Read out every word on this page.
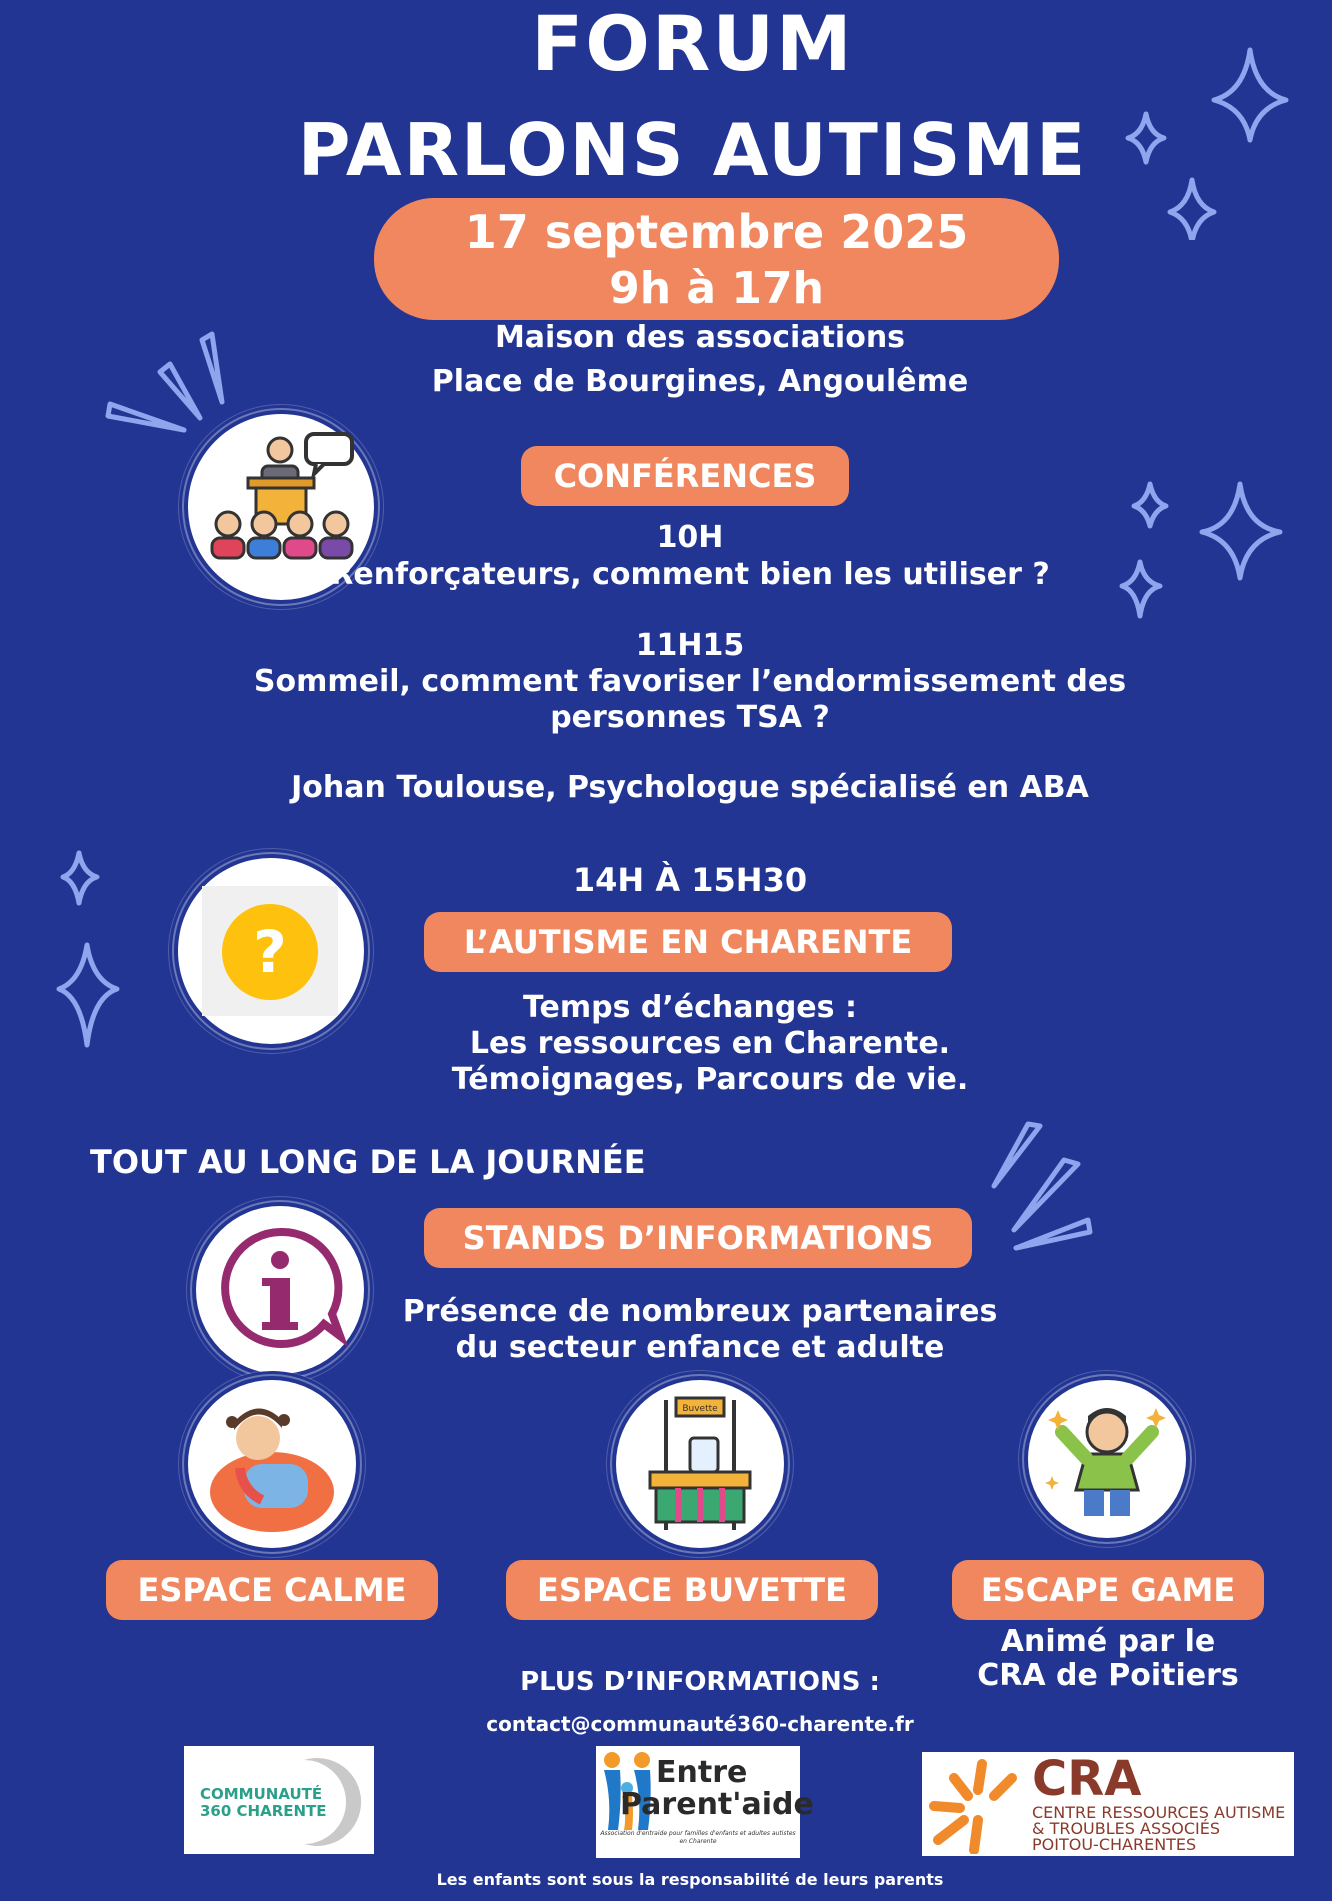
FORUM
PARLONS AUTISME
17 septembre 2025
9h à 17h
Maison des associations
Place de Bourgines, Angoulême
CONFÉRENCES
10H
Renforçateurs, comment bien les utiliser ?
11H15
Sommeil, comment favoriser l’endormissement des
personnes TSA ?
Johan Toulouse, Psychologue spécialisé en ABA
?
14H À 15H30
L’AUTISME EN CHARENTE
Temps d’échanges :
Les ressources en Charente.
Témoignages, Parcours de vie.
TOUT AU LONG DE LA JOURNÉE
STANDS D’INFORMATIONS
Présence de nombreux partenaires
du secteur enfance et adulte
Buvette
ESPACE CALME	ESPACE BUVETTE	ESCAPE GAME
Animé par le
CRA de Poitiers
PLUS D’INFORMATIONS :
contact@communauté360-charente.fr
COMMUNAUTÉ
360 CHARENTE
Entre
Parent'aide
Association d'entraide pour familles d'enfants et adultes autistes en Charente
CRA
CENTRE RESSOURCES AUTISME
& TROUBLES ASSOCIÉS
POITOU-CHARENTES
Les enfants sont sous la responsabilité de leurs parents
